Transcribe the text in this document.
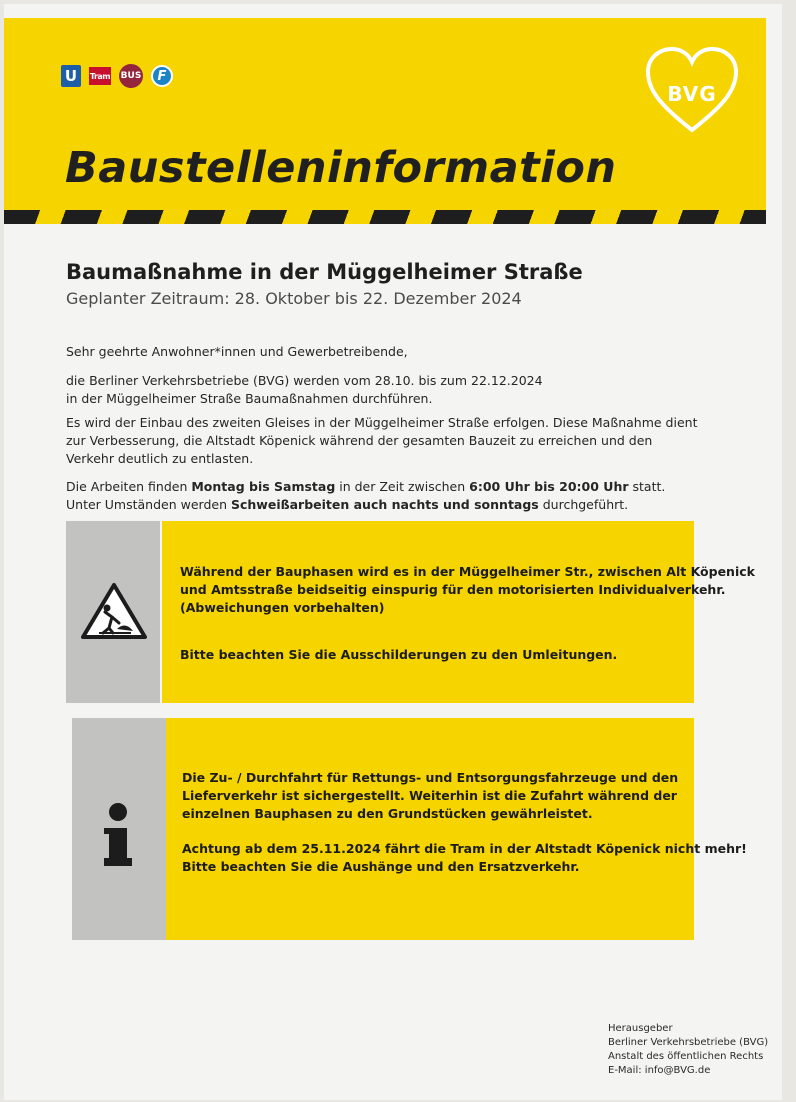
U	Tram BUS	F
BVG
Baustelleninformation
Baumaßnahme in der Müggelheimer Straße
Geplanter Zeitraum: 28. Oktober bis 22. Dezember 2024
Sehr geehrte Anwohner*innen und Gewerbetreibende,
die Berliner Verkehrsbetriebe (BVG) werden vom 28.10. bis zum 22.12.2024
in der Müggelheimer Straße Baumaßnahmen durchführen.
Es wird der Einbau des zweiten Gleises in der Müggelheimer Straße erfolgen. Diese Maßnahme dient
zur Verbesserung, die Altstadt Köpenick während der gesamten Bauzeit zu erreichen und den
Verkehr deutlich zu entlasten.
Die Arbeiten finden Montag bis Samstag in der Zeit zwischen 6:00 Uhr bis 20:00 Uhr statt.
Unter Umständen werden Schweißarbeiten auch nachts und sonntags durchgeführt.
Während der Bauphasen wird es in der Müggelheimer Str., zwischen Alt Köpenick
und Amtsstraße beidseitig einspurig für den motorisierten Individualverkehr.
(Abweichungen vorbehalten)
Bitte beachten Sie die Ausschilderungen zu den Umleitungen.
Die Zu- / Durchfahrt für Rettungs- und Entsorgungsfahrzeuge und den
Lieferverkehr ist sichergestellt. Weiterhin ist die Zufahrt während der
einzelnen Bauphasen zu den Grundstücken gewährleistet.
Achtung ab dem 25.11.2024 fährt die Tram in der Altstadt Köpenick nicht mehr!
Bitte beachten Sie die Aushänge und den Ersatzverkehr.
Herausgeber
Berliner Verkehrsbetriebe (BVG)
Anstalt des öffentlichen Rechts
E-Mail: info@BVG.de
